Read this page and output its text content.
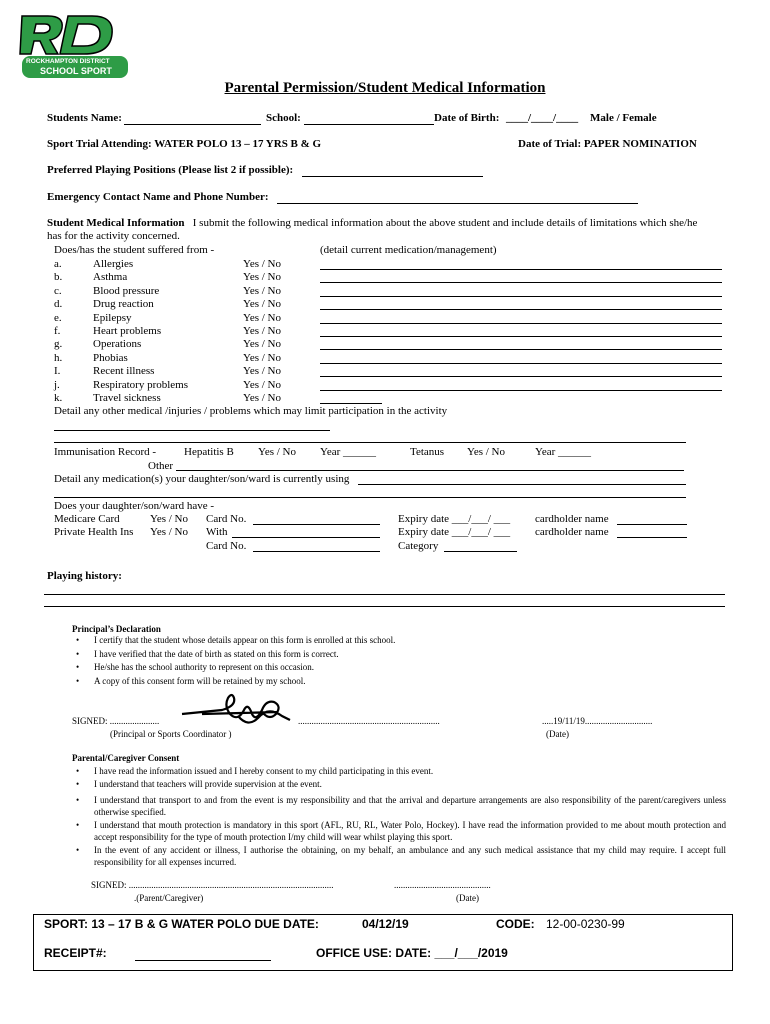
ROCKHAMPTON DISTRICT
SCHOOL SPORT
Parental Permission/Student Medical Information
Students Name:	School:	Date of Birth: ____/____/____ Male / Female
Sport Trial Attending: WATER POLO 13 – 17 YRS B & G	Date of Trial: PAPER NOMINATION
Preferred Playing Positions (Please list 2 if possible):
Emergency Contact Name and Phone Number:
Student Medical Information I submit the following medical information about the above student and include details of limitations which she/he
has for the activity concerned.
Does/has the student suffered from -	(detail current medication/management)
a.	Allergies	Yes / No
b.	Asthma	Yes / No
c.	Blood pressure	Yes / No
d.	Drug reaction	Yes / No
e.	Epilepsy	Yes / No
f.	Heart problems	Yes / No
g.	Operations	Yes / No
h.	Phobias	Yes / No
I.	Recent illness	Yes / No
j.	Respiratory problems	Yes / No
k.	Travel sickness	Yes / No
Detail any other medical /injuries / problems which may limit participation in the activity
Immunisation Record -	Hepatitis B Yes / No Year ______	Tetanus Yes / No	Year ______
Other
Detail any medication(s) your daughter/son/ward is currently using
Does your daughter/son/ward have -
Medicare Card	Yes / No Card No.	Expiry date ___/___/ ___ cardholder name
Private Health Ins Yes / No With	Expiry date ___/___/ ___ cardholder name
Card No.	Category
Playing history:
Principal’s Declaration
• I certify that the student whose details appear on this form is enrolled at this school.
• I have verified that the date of birth as stated on this form is correct.
• He/she has the school authority to represent on this occasion.
• A copy of this consent form will be retained by my school.
SIGNED: ......................	...............................................................	.....19/11/19..............................
(Principal or Sports Coordinator )	(Date)
Parental/Caregiver Consent
• I have read the information issued and I hereby consent to my child participating in this event.
• I understand that teachers will provide supervision at the event.
• I understand that transport to and from the event is my responsibility and that the arrival and departure arrangements are also responsibility of the parent/caregivers unless otherwise specified.
• I understand that mouth protection is mandatory in this sport (AFL, RU, RL, Water Polo, Hockey). I have read the information provided to me about mouth protection and accept responsibility for the type of mouth protection I/my child will wear whilst playing this sport.
• In the event of any accident or illness, I authorise the obtaining, on my behalf, an ambulance and any such medical assistance that my child may require. I accept full responsibility for all expenses incurred.
SIGNED: ...........................................................................................	...........................................
.(Parent/Caregiver)	(Date)
SPORT: 13 – 17 B & G WATER POLO DUE DATE:	04/12/19	CODE: 12-00-0230-99
RECEIPT#:	OFFICE USE: DATE: ___/___/2019
